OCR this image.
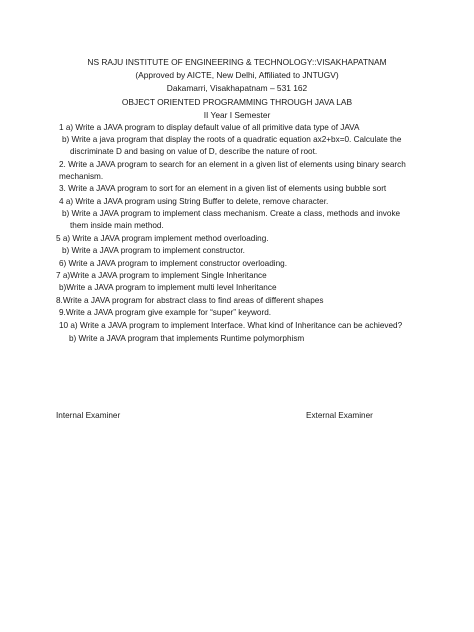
NS RAJU INSTITUTE OF ENGINEERING & TECHNOLOGY::VISAKHAPATNAM
(Approved by AICTE, New Delhi, Affiliated to JNTUGV)
Dakamarri, Visakhapatnam – 531 162
OBJECT ORIENTED PROGRAMMING THROUGH JAVA LAB
II Year I Semester
1 a) Write a JAVA program to display default value of all primitive data type of JAVA
b) Write a java program that display the roots of a quadratic equation ax2+bx=0. Calculate the
discriminate D and basing on value of D, describe the nature of root.
2. Write a JAVA program to search for an element in a given list of elements using binary search
mechanism.
3. Write a JAVA program to sort for an element in a given list of elements using bubble sort
4 a) Write a JAVA program using String Buffer to delete, remove character.
b) Write a JAVA program to implement class mechanism. Create a class, methods and invoke
them inside main method.
5 a) Write a JAVA program implement method overloading.
b) Write a JAVA program to implement constructor.
6) Write a JAVA program to implement constructor overloading.
7 a)Write a JAVA program to implement Single Inheritance
b)Write a JAVA program to implement multi level Inheritance
8.Write a JAVA program for abstract class to find areas of different shapes
9.Write a JAVA program give example for “super” keyword.
10 a) Write a JAVA program to implement Interface. What kind of Inheritance can be achieved?
b) Write a JAVA program that implements Runtime polymorphism
Internal Examiner	External Examiner
